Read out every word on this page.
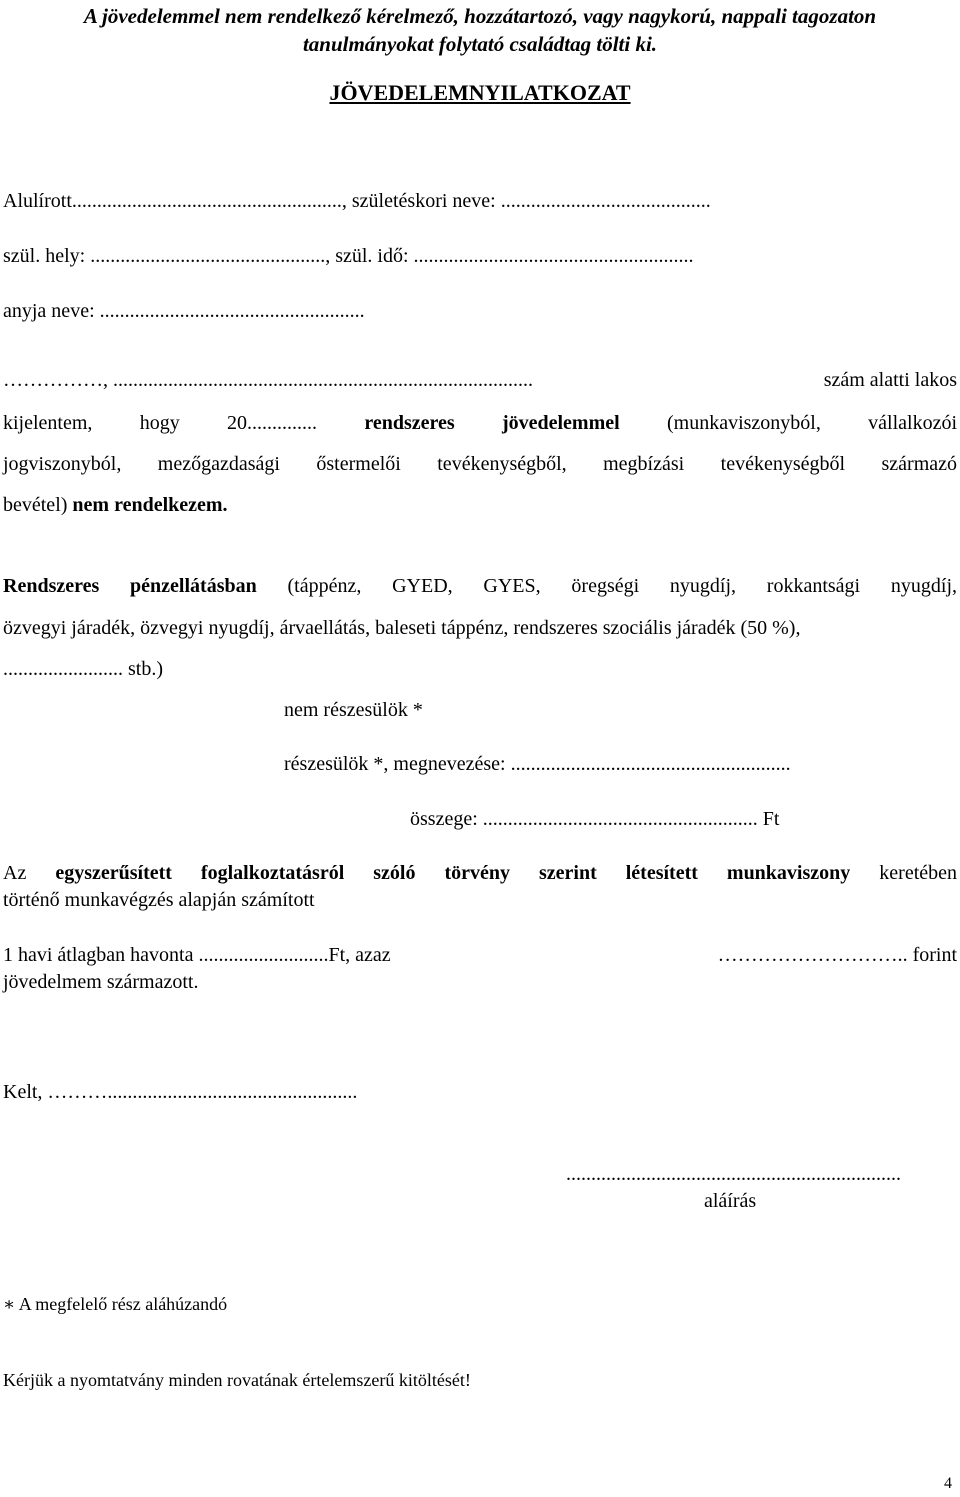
A jövedelemmel nem rendelkező kérelmező, hozzátartozó, vagy nagykorú, nappali tagozaton
tanulmányokat folytató családtag tölti ki.
JÖVEDELEMNYILATKOZAT
Alulírott......................................................, születéskori neve: ..........................................
szül. hely: ..............................................., szül. idő: ........................................................
anyja neve: .....................................................
……………, ....................................................................................	szám alatti lakos
kijelentem, hogy 20.............. rendszeres jövedelemmel (munkaviszonyból, vállalkozói
jogviszonyból, mezőgazdasági őstermelői tevékenységből, megbízási tevékenységből származó
bevétel) nem rendelkezem.
Rendszeres pénzellátásban (táppénz, GYED, GYES, öregségi nyugdíj, rokkantsági nyugdíj,
özvegyi járadék, özvegyi nyugdíj, árvaellátás, baleseti táppénz, rendszeres szociális járadék (50 %),
........................ stb.)
nem részesülök *
részesülök *, megnevezése: ........................................................
összege: ....................................................... Ft
Az egyszerűsített foglalkoztatásról szóló törvény szerint létesített munkaviszony keretében
történő munkavégzés alapján számított
1 havi átlagban havonta ..........................Ft, azaz	……………………….. forint
jövedelmem származott.
Kelt, ………..................................................
...................................................................
aláírás
∗ A megfelelő rész aláhúzandó
Kérjük a nyomtatvány minden rovatának értelemszerű kitöltését!
4
